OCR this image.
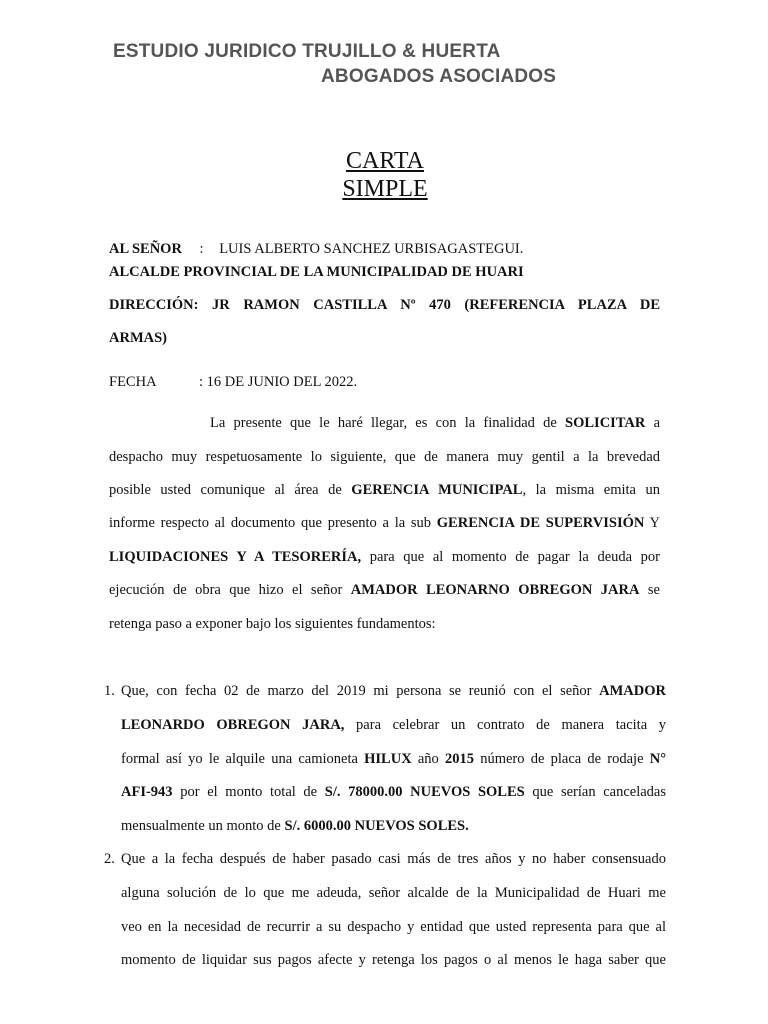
ESTUDIO JURIDICO TRUJILLO & HUERTA
ABOGADOS ASOCIADOS
CARTA
SIMPLE
AL SEÑOR : LUIS ALBERTO SANCHEZ URBISAGASTEGUI.
ALCALDE PROVINCIAL DE LA MUNICIPALIDAD DE HUARI
DIRECCIÓN: JR RAMON CASTILLA Nº 470 (REFERENCIA PLAZA DE
ARMAS)
FECHA	: 16 DE JUNIO DEL 2022.
La presente que le haré llegar, es con la finalidad de SOLICITAR a
despacho muy respetuosamente lo siguiente, que de manera muy gentil a la brevedad
posible usted comunique al área de GERENCIA MUNICIPAL, la misma emita un
informe respecto al documento que presento a la sub GERENCIA DE SUPERVISIÓN Y
LIQUIDACIONES Y A TESORERÍA, para que al momento de pagar la deuda por
ejecución de obra que hizo el señor AMADOR LEONARNO OBREGON JARA se
retenga paso a exponer bajo los siguientes fundamentos:
1. Que, con fecha 02 de marzo del 2019 mi persona se reunió con el señor AMADOR
LEONARDO OBREGON JARA, para celebrar un contrato de manera tacita y
formal así yo le alquile una camioneta HILUX año 2015 número de placa de rodaje N°
AFI-943 por el monto total de S/. 78000.00 NUEVOS SOLES que serían canceladas
mensualmente un monto de S/. 6000.00 NUEVOS SOLES.
2. Que a la fecha después de haber pasado casi más de tres años y no haber consensuado
alguna solución de lo que me adeuda, señor alcalde de la Municipalidad de Huari me
veo en la necesidad de recurrir a su despacho y entidad que usted representa para que al
momento de liquidar sus pagos afecte y retenga los pagos o al menos le haga saber que
